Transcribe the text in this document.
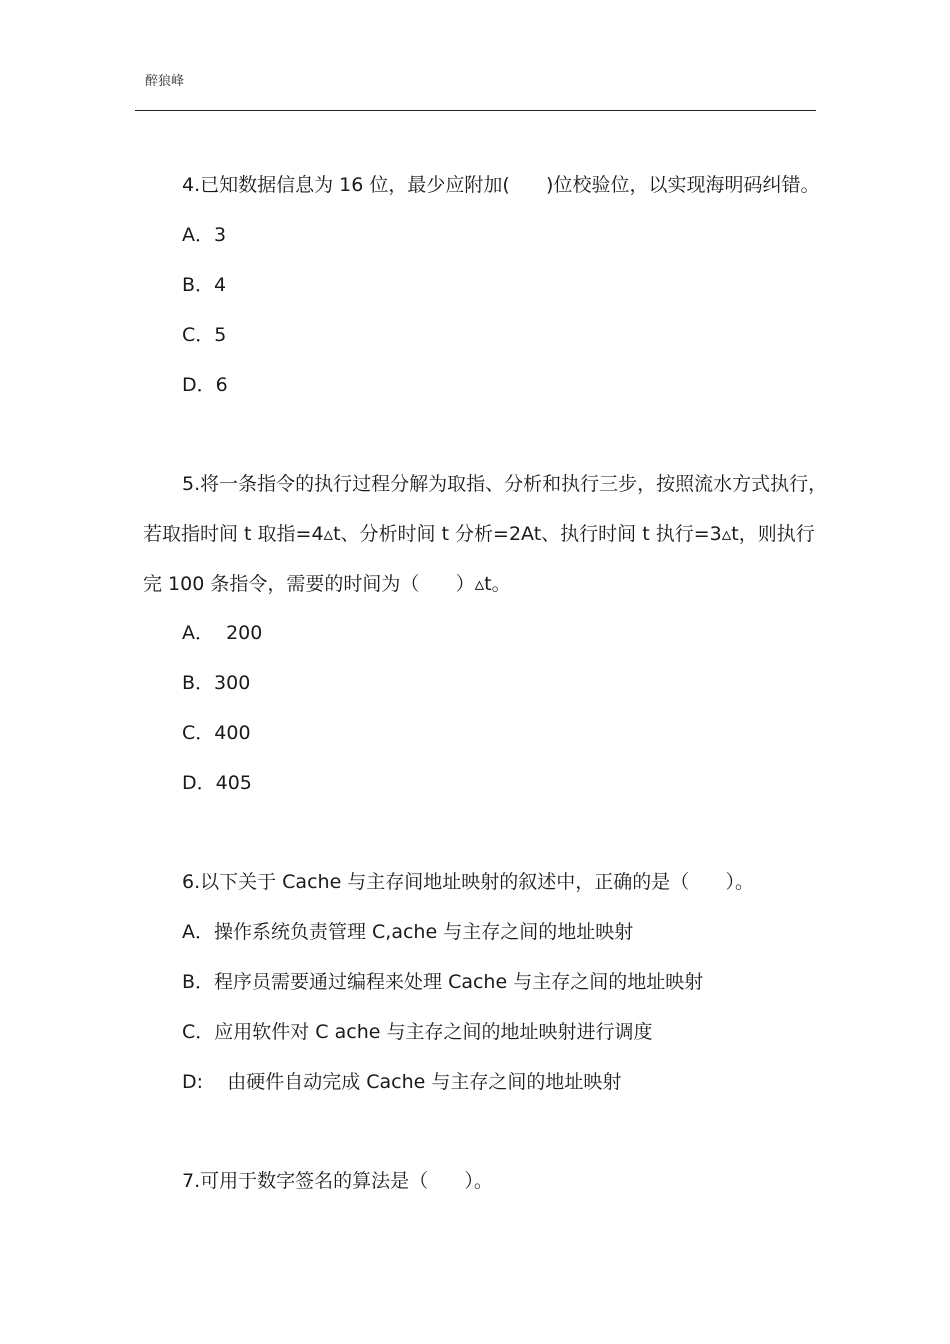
醉狼峰
4.已知数据信息为 16 位，最少应附加(      )位校验位，以实现海明码纠错。
A．3
B．4
C．5
D．6
5.将一条指令的执行过程分解为取指、分析和执行三步，按照流水方式执行，
若取指时间 t 取指=4▵t、分析时间 t 分析=2At、执行时间 t 执行=3▵t，则执行
完 100 条指令，需要的时间为（      ）▵t。
A．  200
B．300
C．400
D．405
6.以下关于 Cache 与主存间地址映射的叙述中，正确的是（      ）。
A．操作系统负责管理 C,ache 与主存之间的地址映射
B．程序员需要通过编程来处理 Cache 与主存之间的地址映射
C．应用软件对 C ache 与主存之间的地址映射进行调度
D:    由硬件自动完成 Cache 与主存之间的地址映射
7.可用于数字签名的算法是（      ）。
